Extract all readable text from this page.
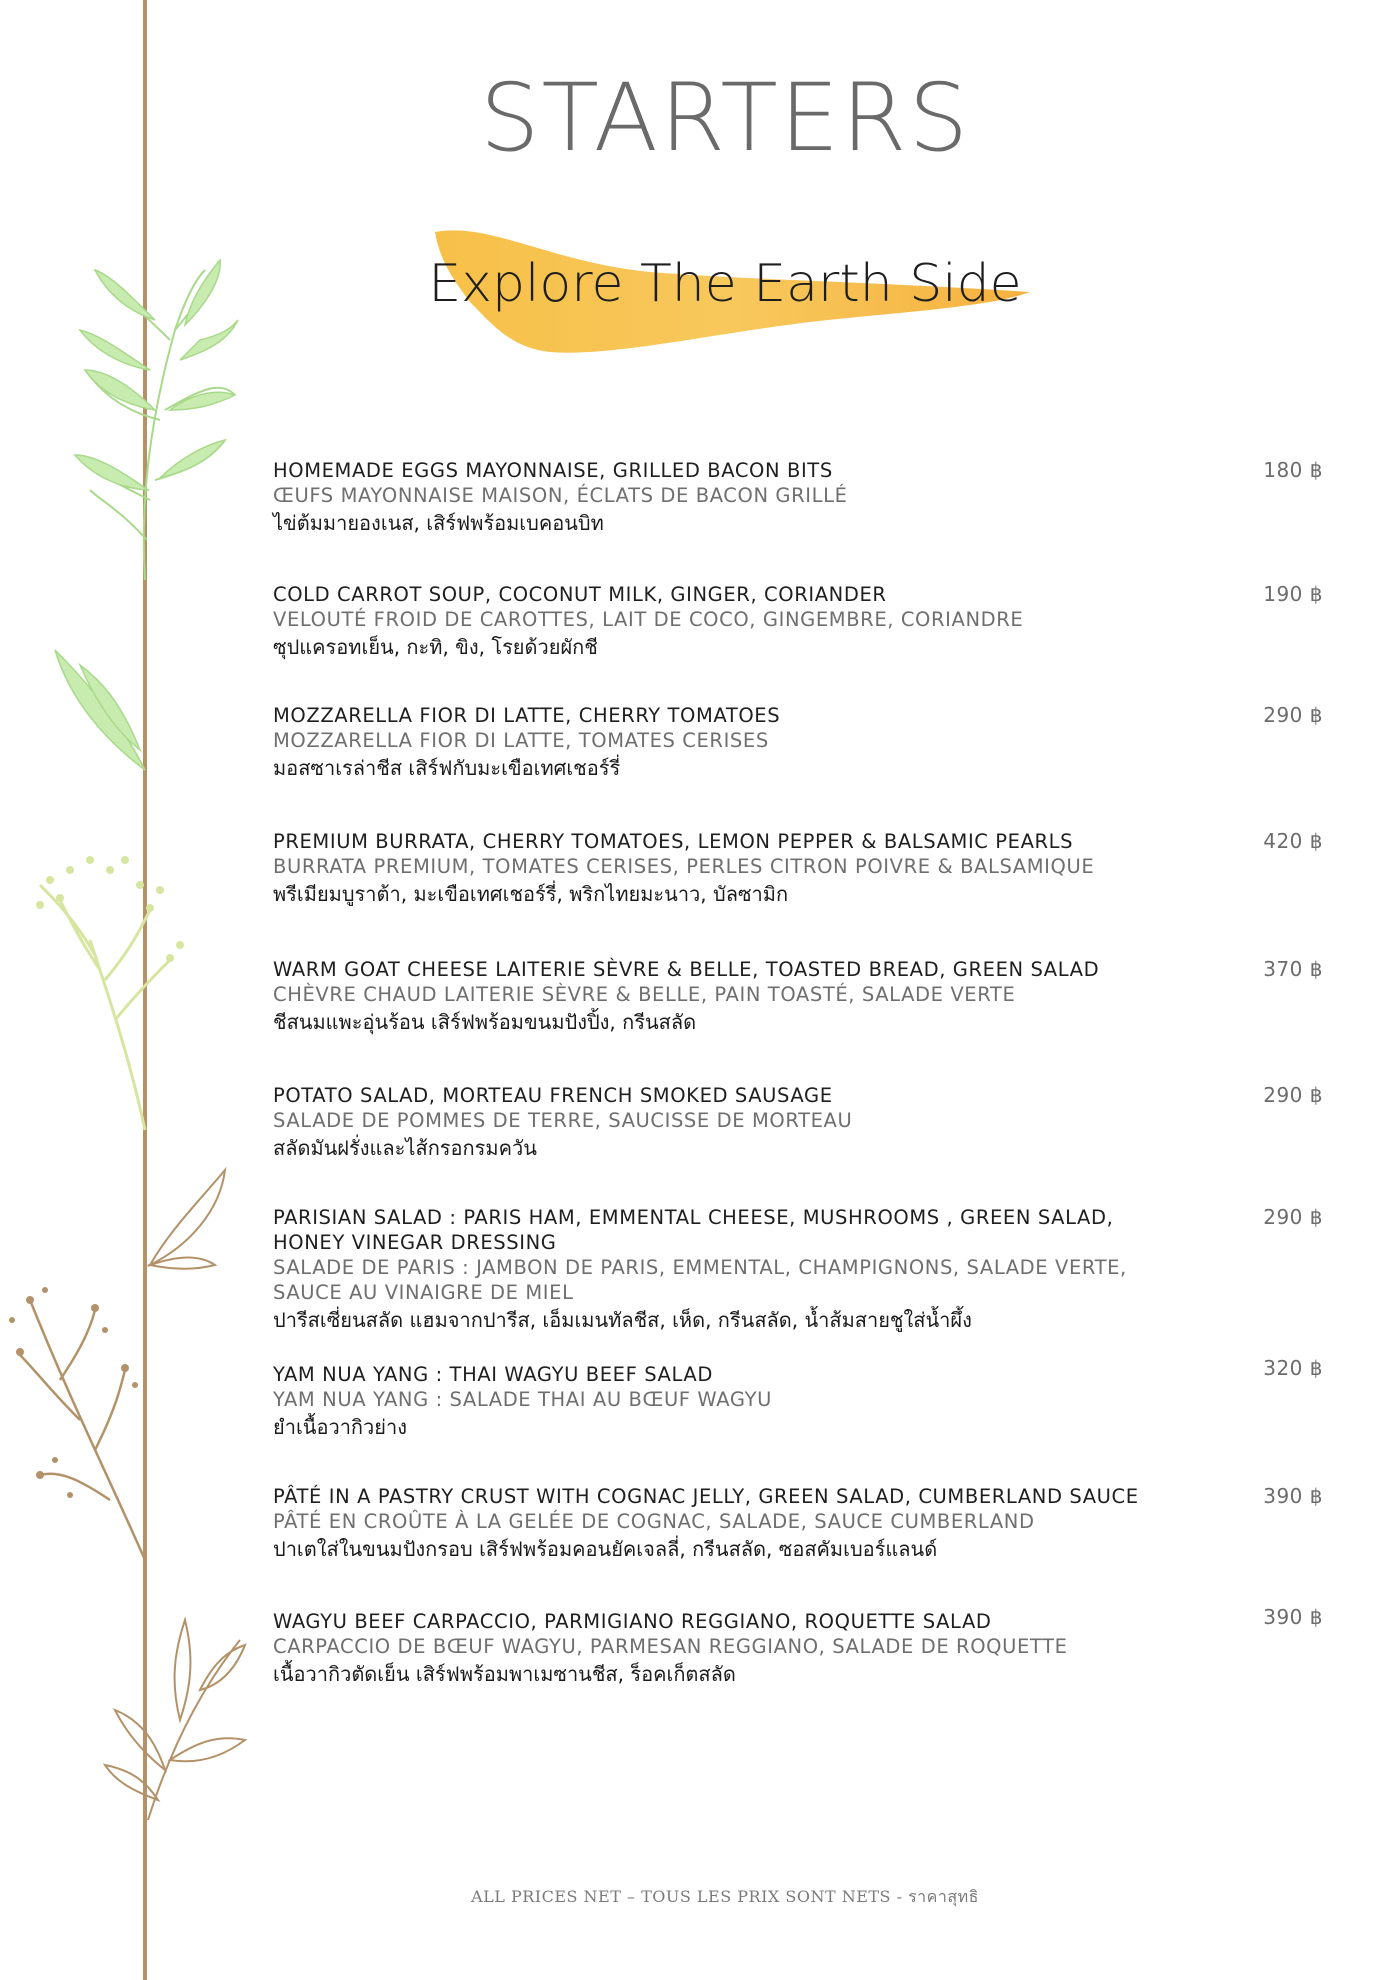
STARTERS
Explore The Earth Side

HOMEMADE EGGS MAYONNAISE, GRILLED BACON BITS

ŒUFS MAYONNAISE MAISON, ÉCLATS DE BACON GRILLÉ

ไข่ต้มมายองเนส, เสิร์ฟพร้อมเบคอนบิท

180 ฿

COLD CARROT SOUP, COCONUT MILK, GINGER, CORIANDER

VELOUTÉ FROID DE CAROTTES, LAIT DE COCO, GINGEMBRE, CORIANDRE

ซุปแครอทเย็น, กะทิ, ขิง, โรยด้วยผักชี

190 ฿

MOZZARELLA FIOR DI LATTE, CHERRY TOMATOES

MOZZARELLA FIOR DI LATTE, TOMATES CERISES

มอสซาเรล่าชีส เสิร์ฟกับมะเขือเทศเชอร์รี่

290 ฿

PREMIUM BURRATA, CHERRY TOMATOES, LEMON PEPPER & BALSAMIC PEARLS

BURRATA PREMIUM, TOMATES CERISES, PERLES CITRON POIVRE & BALSAMIQUE

พรีเมียมบูราต้า, มะเขือเทศเชอร์รี่, พริกไทยมะนาว, บัลซามิก

420 ฿

WARM GOAT CHEESE LAITERIE SÈVRE & BELLE, TOASTED BREAD, GREEN SALAD

CHÈVRE CHAUD LAITERIE SÈVRE & BELLE, PAIN TOASTÉ, SALADE VERTE

ชีสนมแพะอุ่นร้อน เสิร์ฟพร้อมขนมปังปิ้ง, กรีนสลัด

370 ฿

POTATO SALAD, MORTEAU FRENCH SMOKED SAUSAGE

SALADE DE POMMES DE TERRE, SAUCISSE DE MORTEAU

สลัดมันฝรั่งและไส้กรอกรมควัน

290 ฿

PARISIAN SALAD : PARIS HAM, EMMENTAL CHEESE, MUSHROOMS , GREEN SALAD, HONEY VINEGAR DRESSING

SALADE DE PARIS : JAMBON DE PARIS, EMMENTAL, CHAMPIGNONS, SALADE VERTE, SAUCE AU VINAIGRE DE MIEL

ปารีสเซี่ยนสลัด แฮมจากปารีส, เอ็มเมนทัลชีส, เห็ด, กรีนสลัด, น้ำส้มสายชูใส่น้ำผึ้ง

290 ฿

YAM NUA YANG : THAI WAGYU BEEF SALAD

YAM NUA YANG : SALADE THAI AU BŒUF WAGYU

ยำเนื้อวากิวย่าง

320 ฿

PÂTÉ IN A PASTRY CRUST WITH COGNAC JELLY, GREEN SALAD, CUMBERLAND SAUCE

PÂTÉ EN CROÛTE À LA GELÉE DE COGNAC, SALADE, SAUCE CUMBERLAND

ปาเตใส่ในขนมปังกรอบ เสิร์ฟพร้อมคอนยัคเจลลี่, กรีนสลัด, ซอสคัมเบอร์แลนด์

390 ฿

WAGYU BEEF CARPACCIO, PARMIGIANO REGGIANO, ROQUETTE SALAD

CARPACCIO DE BŒUF WAGYU, PARMESAN REGGIANO, SALADE DE ROQUETTE

เนื้อวากิวตัดเย็น เสิร์ฟพร้อมพาเมซานชีส, ร็อคเก็ตสลัด

390 ฿
ALL PRICES NET – TOUS LES PRIX SONT NETS - ราคาสุทธิ
